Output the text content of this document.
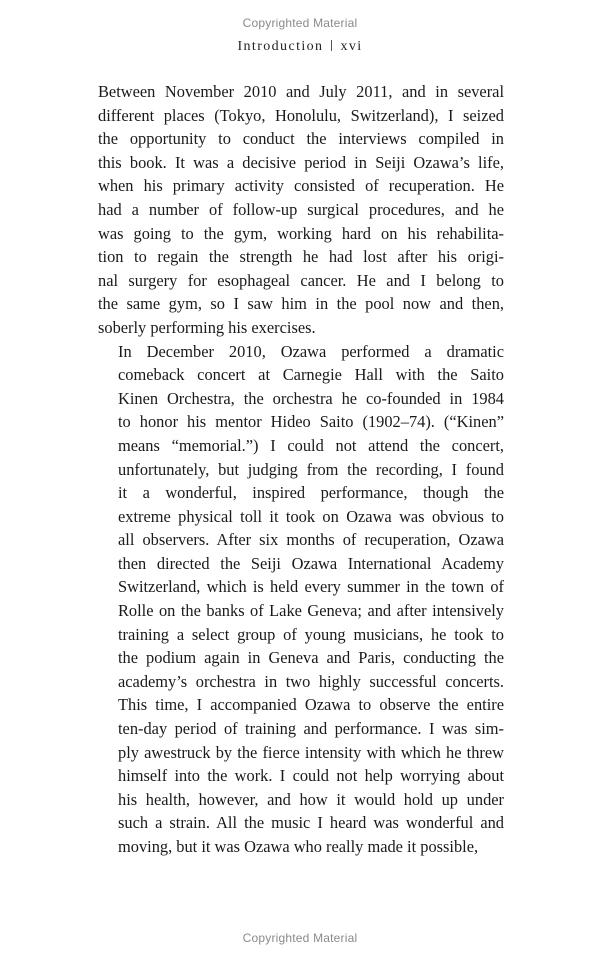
Copyrighted Material
Introduction xvi

Between November 2010 and July 2011, and in several
different places (Tokyo, Honolulu, Switzerland), I seized
the opportunity to conduct the interviews compiled in
this book. It was a decisive period in Seiji Ozawa’s life,
when his primary activity consisted of recuperation. He
had a number of follow-up surgical procedures, and he
was going to the gym, working hard on his rehabilita-
tion to regain the strength he had lost after his origi-
nal surgery for esophageal cancer. He and I belong to
the same gym, so I saw him in the pool now and then,
soberly performing his exercises.

In December 2010, Ozawa performed a dramatic
comeback concert at Carnegie Hall with the Saito
Kinen Orchestra, the orchestra he co-founded in 1984
to honor his mentor Hideo Saito (1902–74). (“Kinen”
means “memorial.”) I could not attend the concert,
unfortunately, but judging from the recording, I found
it a wonderful, inspired performance, though the
extreme physical toll it took on Ozawa was obvious to
all observers. After six months of recuperation, Ozawa
then directed the Seiji Ozawa International Academy
Switzerland, which is held every summer in the town of
Rolle on the banks of Lake Geneva; and after intensively
training a select group of young musicians, he took to
the podium again in Geneva and Paris, conducting the
academy’s orchestra in two highly successful concerts.
This time, I accompanied Ozawa to observe the entire
ten-day period of training and performance. I was sim-
ply awestruck by the fierce intensity with which he threw
himself into the work. I could not help worrying about
his health, however, and how it would hold up under
such a strain. All the music I heard was wonderful and
moving, but it was Ozawa who really made it possible,

Copyrighted Material
